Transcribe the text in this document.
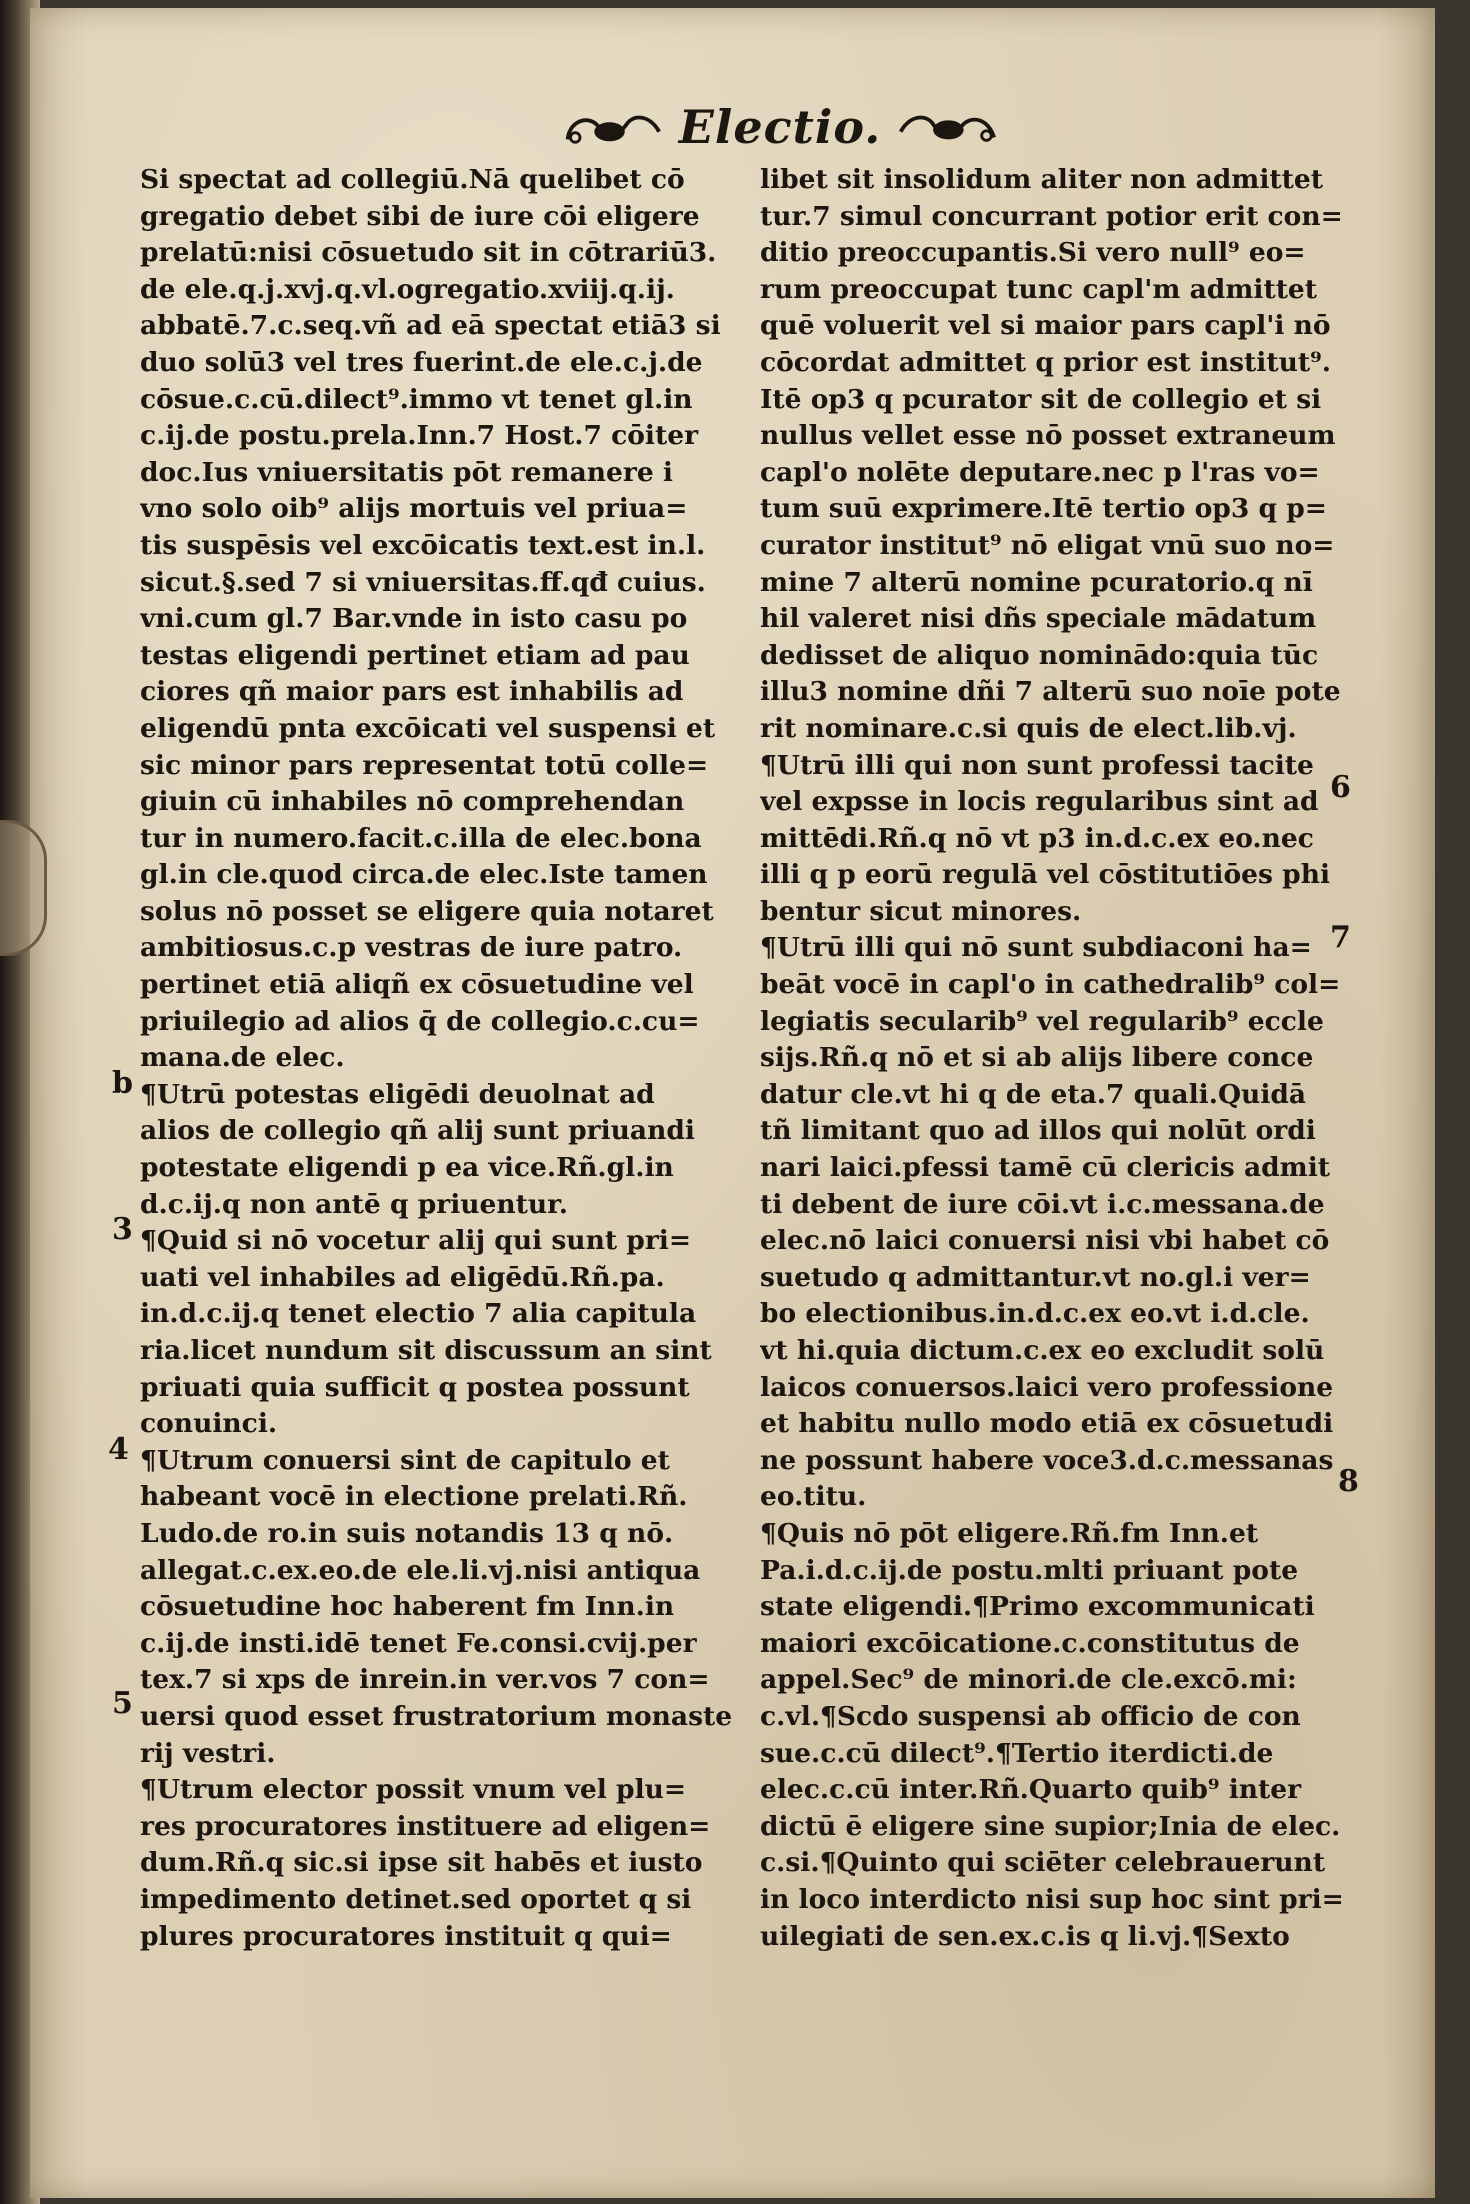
Electio.
Si spectat ad collegiū.Nā quelibet cō
gregatio debet sibi de iure cōi eligere
prelatū:nisi cōsuetudo sit in cōtrariū3.
de ele.q.j.xvj.q.vl.ogregatio.xviij.q.ij.
abbatē.7.c.seq.vñ ad eā spectat etiā3 si
duo solū3 vel tres fuerint.de ele.c.j.de
cōsue.c.cū.dilect⁹.immo vt tenet gl.in
c.ij.de postu.prela.Inn.7 Host.7 cōiter
doc.Ius vniuersitatis pōt remanere i
vno solo oib⁹ alijs mortuis vel priua=
tis suspēsis vel excōicatis text.est in.l.
sicut.§.sed 7 si vniuersitas.ff.qđ cuius.
vni.cum gl.7 Bar.vnde in isto casu po
testas eligendi pertinet etiam ad pau
ciores qñ maior pars est inhabilis ad
eligendū pnta excōicati vel suspensi et
sic minor pars representat totū colle=
giuin cū inhabiles nō comprehendan
tur in numero.facit.c.illa de elec.bona
gl.in cle.quod circa.de elec.Iste tamen
solus nō posset se eligere quia notaret
ambitiosus.c.p vestras de iure patro.
pertinet etiā aliqñ ex cōsuetudine vel
priuilegio ad alios q̄ de collegio.c.cu=
mana.de elec.
¶Utrū potestas eligēdi deuolnat ad
alios de collegio qñ alij sunt priuandi
potestate eligendi p ea vice.Rñ.gl.in
d.c.ij.q non antē q priuentur.
¶Quid si nō vocetur alij qui sunt pri=
uati vel inhabiles ad eligēdū.Rñ.pa.
in.d.c.ij.q tenet electio 7 alia capitula
ria.licet nundum sit discussum an sint
priuati quia sufficit q postea possunt
conuinci.
¶Utrum conuersi sint de capitulo et
habeant vocē in electione prelati.Rñ.
Ludo.de ro.in suis notandis 13 q nō.
allegat.c.ex.eo.de ele.li.vj.nisi antiqua
cōsuetudine hoc haberent fm Inn.in
c.ij.de insti.idē tenet Fe.consi.cvij.per
tex.7 si xps de inrein.in ver.vos 7 con=
uersi quod esset frustratorium monaste
rij vestri.
¶Utrum elector possit vnum vel plu=
res procuratores instituere ad eligen=
dum.Rñ.q sic.si ipse sit habēs et iusto
impedimento detinet.sed oportet q si
plures procuratores instituit q qui=
libet sit insolidum aliter non admittet
tur.7 simul concurrant potior erit con=
ditio preoccupantis.Si vero null⁹ eo=
rum preoccupat tunc capl'm admittet
quē voluerit vel si maior pars capl'i nō
cōcordat admittet q prior est institut⁹.
Itē op3 q pcurator sit de collegio et si
nullus vellet esse nō posset extraneum
capl'o nolēte deputare.nec p l'ras vo=
tum suū exprimere.Itē tertio op3 q p=
curator institut⁹ nō eligat vnū suo no=
mine 7 alterū nomine pcuratorio.q nī
hil valeret nisi dñs speciale mādatum
dedisset de aliquo nominādo:quia tūc
illu3 nomine dñi 7 alterū suo noīe pote
rit nominare.c.si quis de elect.lib.vj.
¶Utrū illi qui non sunt professi tacite
vel expsse in locis regularibus sint ad
mittēdi.Rñ.q nō vt p3 in.d.c.ex eo.nec
illi q p eorū regulā vel cōstitutiōes phi
bentur sicut minores.
¶Utrū illi qui nō sunt subdiaconi ha=
beāt vocē in capl'o in cathedralib⁹ col=
legiatis secularib⁹ vel regularib⁹ eccle
sijs.Rñ.q nō et si ab alijs libere conce
datur cle.vt hi q de eta.7 quali.Quidā
tñ limitant quo ad illos qui nolūt ordi
nari laici.pfessi tamē cū clericis admit
ti debent de iure cōi.vt i.c.messana.de
elec.nō laici conuersi nisi vbi habet cō
suetudo q admittantur.vt no.gl.i ver=
bo electionibus.in.d.c.ex eo.vt i.d.cle.
vt hi.quia dictum.c.ex eo excludit solū
laicos conuersos.laici vero professione
et habitu nullo modo etiā ex cōsuetudi
ne possunt habere voce3.d.c.messanas
eo.titu.
¶Quis nō pōt eligere.Rñ.fm Inn.et
Pa.i.d.c.ij.de postu.mlti priuant pote
state eligendi.¶Primo excommunicati
maiori excōicatione.c.constitutus de
appel.Sec⁹ de minori.de cle.excō.mi:
c.vl.¶Scdo suspensi ab officio de con
sue.c.cū dilect⁹.¶Tertio iterdicti.de
elec.c.cū inter.Rñ.Quarto quib⁹ inter
dictū ē eligere sine supior;Inia de elec.
c.si.¶Quinto qui sciēter celebrauerunt
in loco interdicto nisi sup hoc sint pri=
uilegiati de sen.ex.c.is q li.vj.¶Sexto
b
3
4
5
6
7
8
